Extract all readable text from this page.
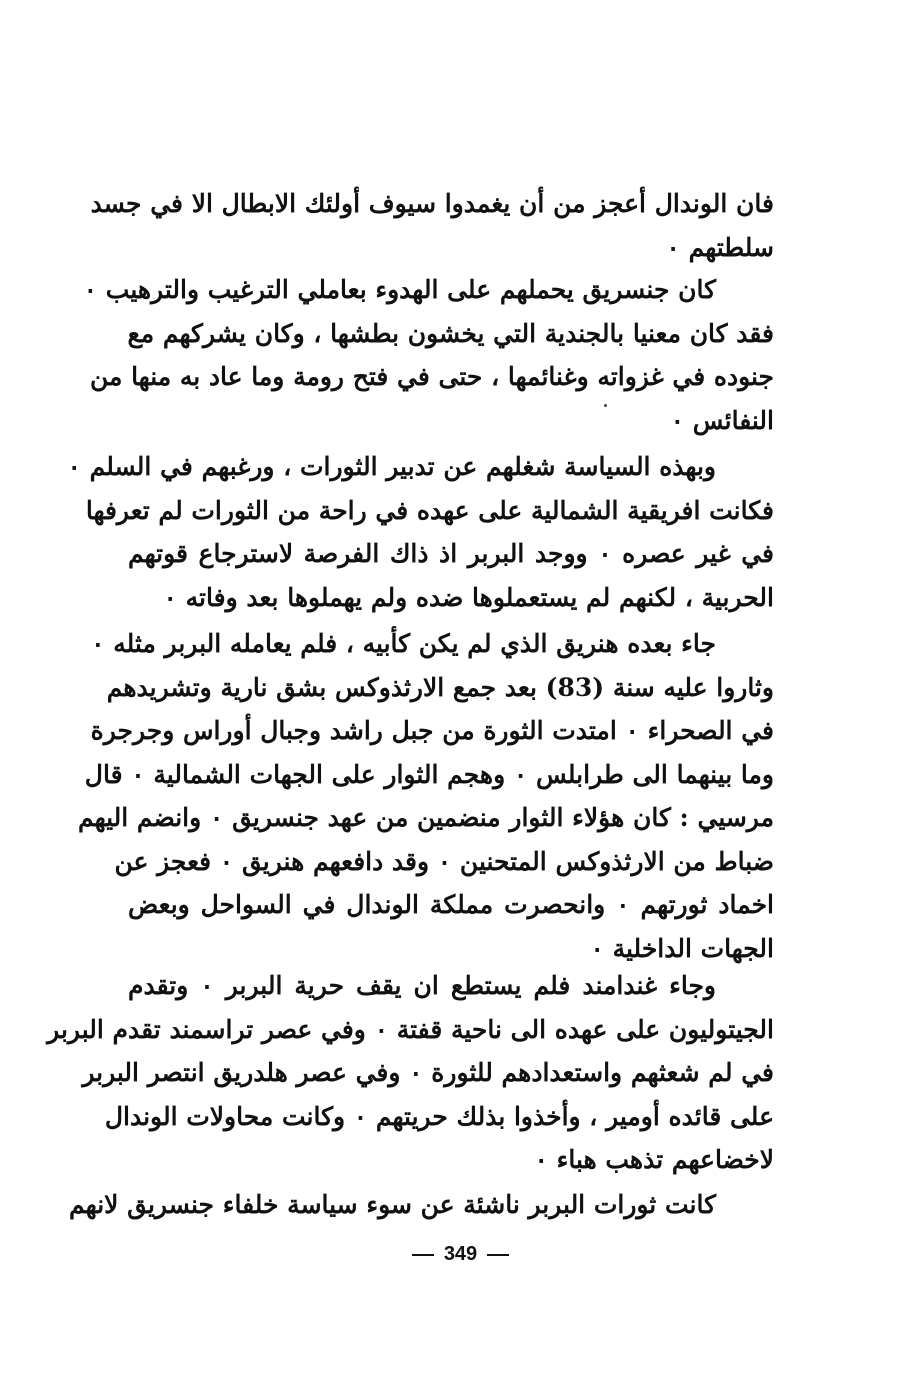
فان الوندال أعجز من أن يغمدوا سيوف أولئك الابطال الا في جسد
سلطتهم ٠
كان جنسريق يحملهم على الهدوء بعاملي الترغيب والترهيب ٠
فقد كان معنيا بالجندية التي يخشون بطشها ، وكان يشركهم مع
جنوده في غزواته وغنائمها ، حتى في فتح رومة وما عاد به منها من
النفائس ٠
وبهذه السياسة شغلهم عن تدبير الثورات ، ورغبهم في السلم ٠
فكانت افريقية الشمالية على عهده في راحة من الثورات لم تعرفها
في غير عصره ٠ ووجد البربر اذ ذاك الفرصة لاسترجاع قوتهم
الحربية ، لكنهم لم يستعملوها ضده ولم يهملوها بعد وفاته ٠
جاء بعده هنريق الذي لم يكن كأبيه ، فلم يعامله البربر مثله ٠
وثاروا عليه سنة (83) بعد جمع الارثذوكس بشق نارية وتشريدهم
في الصحراء ٠ امتدت الثورة من جبل راشد وجبال أوراس وجرجرة
وما بينهما الى طرابلس ٠ وهجم الثوار على الجهات الشمالية ٠ قال
مرسيي : كان هؤلاء الثوار منضمين من عهد جنسريق ٠ وانضم اليهم
ضباط من الارثذوكس المتحنين ٠ وقد دافعهم هنريق ٠ فعجز عن
اخماد ثورتهم ٠ وانحصرت مملكة الوندال في السواحل وبعض
الجهات الداخلية ٠
وجاء غندامند فلم يستطع ان يقف حرية البربر ٠ وتقدم
الجيتوليون على عهده الى ناحية قفتة ٠ وفي عصر تراسمند تقدم البربر
في لم شعثهم واستعدادهم للثورة ٠ وفي عصر هلدريق انتصر البربر
على قائده أومير ، وأخذوا بذلك حريتهم ٠ وكانت محاولات الوندال
لاخضاعهم تذهب هباء ٠
كانت ثورات البربر ناشئة عن سوء سياسة خلفاء جنسريق لانهم
349
